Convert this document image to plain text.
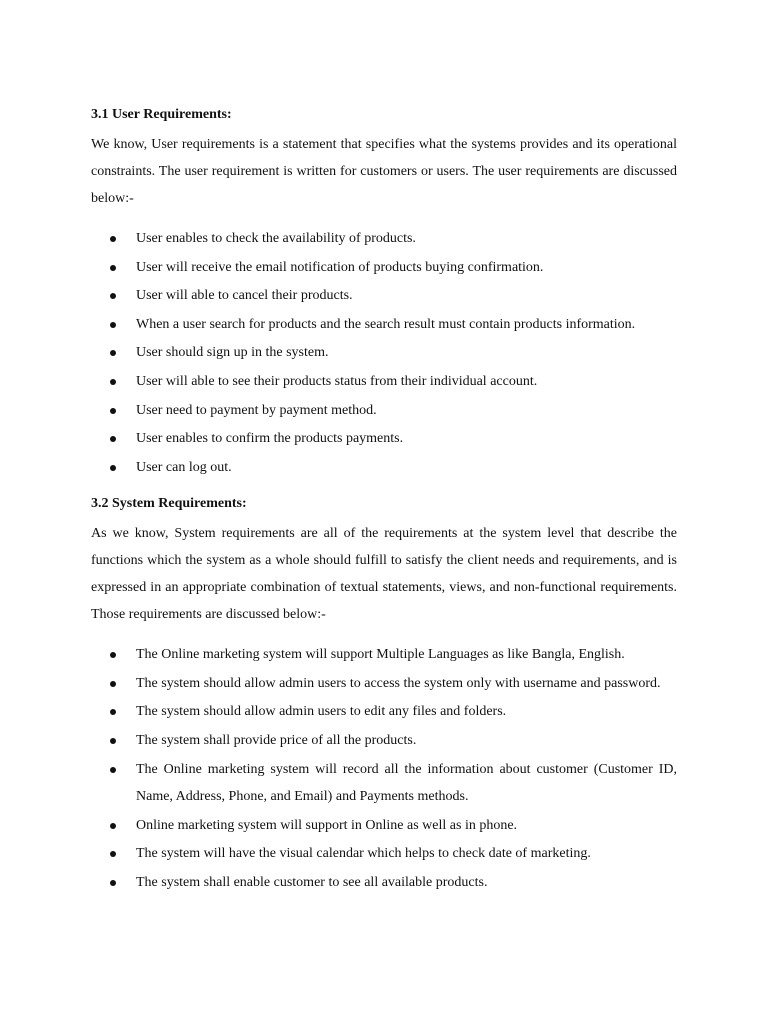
3.1 User Requirements:

We know, User requirements is a statement that specifies what the systems provides and its operational constraints. The user requirement is written for customers or users. The user requirements are discussed below:-

User enables to check the availability of products.
User will receive the email notification of products buying confirmation.
User will able to cancel their products.
When a user search for products and the search result must contain products information.
User should sign up in the system.
User will able to see their products status from their individual account.
User need to payment by payment method.
User enables to confirm the products payments.
User can log out.
3.2 System Requirements:

As we know, System requirements are all of the requirements at the system level that describe the functions which the system as a whole should fulfill to satisfy the client needs and requirements, and is expressed in an appropriate combination of textual statements, views, and non-functional requirements. Those requirements are discussed below:-

The Online marketing system will support Multiple Languages as like Bangla, English.
The system should allow admin users to access the system only with username and password.
The system should allow admin users to edit any files and folders.
The system shall provide price of all the products.
The Online marketing system will record all the information about customer (Customer ID, Name, Address, Phone, and Email) and Payments methods.
Online marketing system will support in Online as well as in phone.
The system will have the visual calendar which helps to check date of marketing.
The system shall enable customer to see all available products.
